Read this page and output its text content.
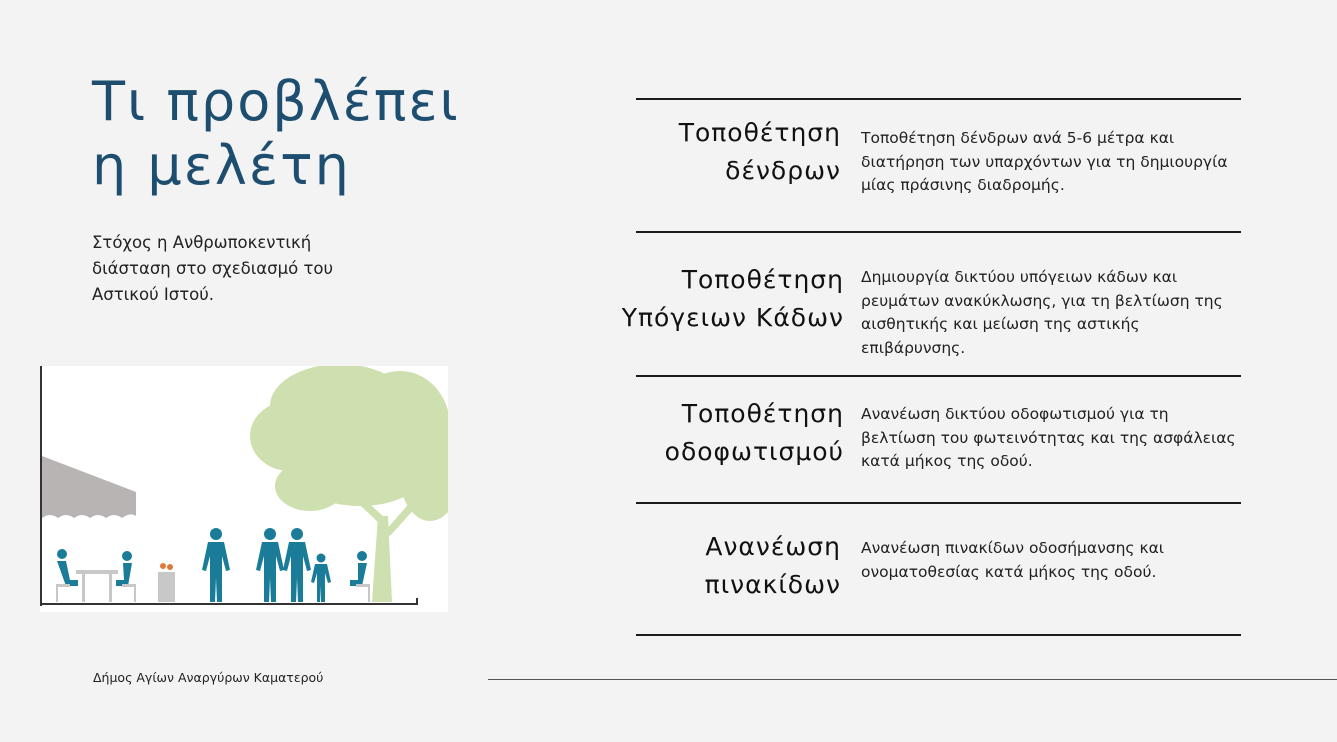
Τι προβλέπει
η μελέτη

Στόχος η Ανθρωποκεντική διάσταση στο σχεδιασμό του Αστικού Ιστού.

Τοποθέτηση
δένδρων
Τοποθέτηση δένδρων ανά 5-6 μέτρα και διατήρηση των υπαρχόντων για τη δημιουργία μίας πράσινης διαδρομής.
Τοποθέτηση
Υπόγειων Κάδων
Δημιουργία δικτύου υπόγειων κάδων και ρευμάτων ανακύκλωσης, για τη βελτίωση της αισθητικής και μείωση της αστικής επιβάρυνσης.
Τοποθέτηση
οδοφωτισμού
Ανανέωση δικτύου οδοφωτισμού για τη βελτίωση του φωτεινότητας και της ασφάλειας κατά μήκος της οδού.
Ανανέωση
πινακίδων
Ανανέωση πινακίδων οδοσήμανσης και ονοματοθεσίας κατά μήκος της οδού.
Δήμος Αγίων Αναργύρων Καματερού
